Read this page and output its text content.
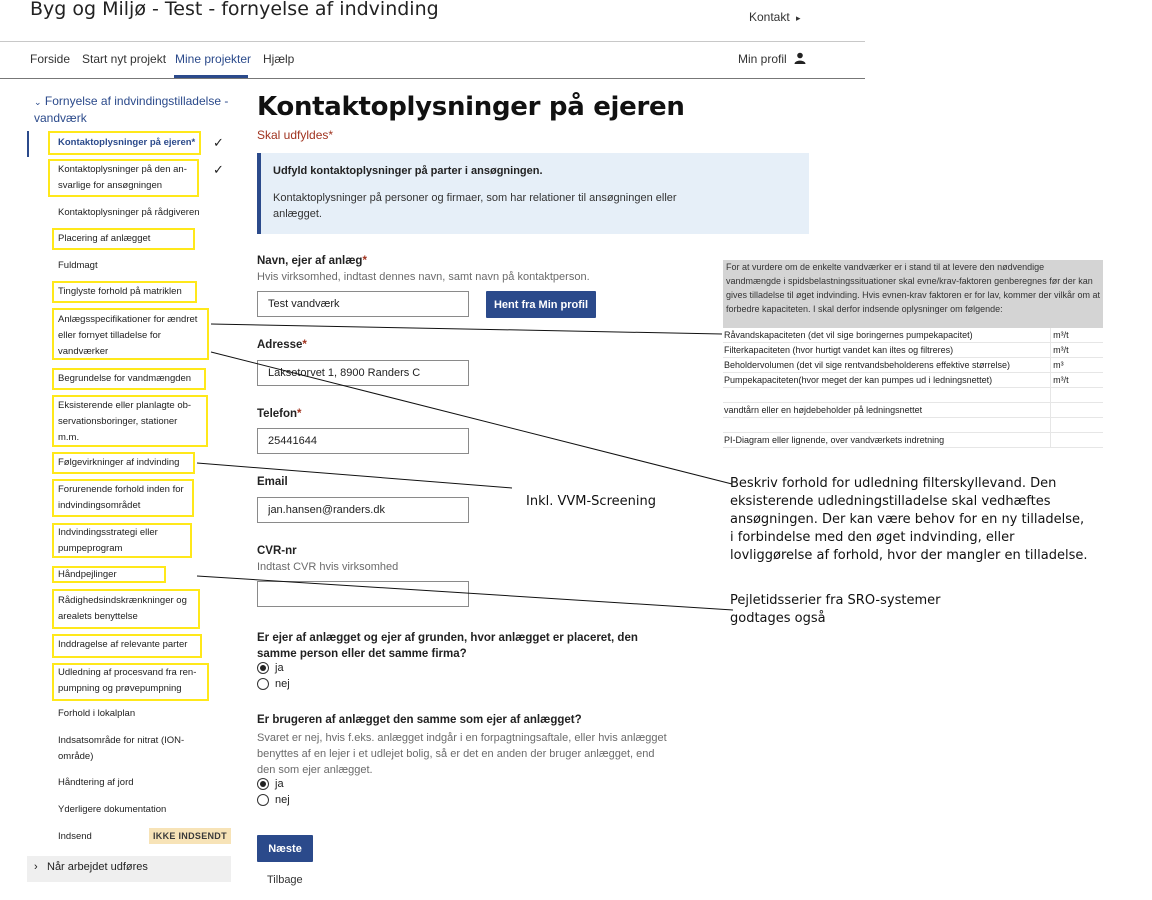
Byg og Miljø - Test - fornyelse af indvinding	Kontakt ▸
Forside Start nyt projekt Mine projekter Hjælp	Min profil
⌄ Fornyelse af indvindingstilladelse - vandværk
Kontaktoplysninger på ejeren* ✓
Kontaktoplysninger på den an-
svarlige for ansøgningen
✓
Kontaktoplysninger på rådgiveren
Placering af anlægget
Fuldmagt
Tinglyste forhold på matriklen
Anlægsspecifikationer for ændret
eller fornyet tilladelse for
vandværker
Begrundelse for vandmængden
Eksisterende eller planlagte ob-
servationsboringer, stationer
m.m.
Følgevirkninger af indvinding
Forurenende forhold inden for
indvindingsområdet
Indvindingsstrategi eller
pumpeprogram
Håndpejlinger
Rådighedsindskrænkninger og
arealets benyttelse
Inddragelse af relevante parter
Udledning af procesvand fra ren-
pumpning og prøvepumpning
Forhold i lokalplan
Indsatsområde for nitrat (ION-
område)
Håndtering af jord
Yderligere dokumentation
Indsend	IKKE INDSENDT
› Når arbejdet udføres
Kontaktoplysninger på ejeren
Skal udfyldes*
Udfyld kontaktoplysninger på parter i ansøgningen.
Kontaktoplysninger på personer og firmaer, som har relationer til ansøgningen eller anlægget.
Navn, ejer af anlæg*
Hvis virksomhed, indtast dennes navn, samt navn på kontaktperson.
Test vandværk
Hent fra Min profil
Adresse*
Laksetorvet 1, 8900 Randers C
Telefon*
25441644
Email
jan.hansen@randers.dk
CVR-nr
Indtast CVR hvis virksomhed
Er ejer af anlægget og ejer af grunden, hvor anlægget er placeret, den samme person eller det samme firma?
ja
nej
Er brugeren af anlægget den samme som ejer af anlægget?
Svaret er nej, hvis f.eks. anlægget indgår i en forpagtningsaftale, eller hvis anlægget benyttes af en lejer i et udlejet bolig, så er det en anden der bruger anlægget, end den som ejer anlægget.
ja
nej
Næste
Tilbage
For at vurdere om de enkelte vandværker er i stand til at levere den nødvendige vandmængde i spidsbelastningssituationer skal evne/krav-faktoren genberegnes før der kan gives tilladelse til øget indvinding. Hvis evnen-krav faktoren er for lav, kommer der vilkår om at forbedre kapaciteten. I skal derfor indsende oplysninger om følgende:
Råvandskapaciteten (det vil sige boringernes pumpekapacitet)	m³/t
Filterkapaciteten (hvor hurtigt vandet kan iltes og filtreres)	m³/t
Beholdervolumen (det vil sige rentvandsbeholderens effektive størrelse)	m³
Pumpekapaciteten(hvor meget der kan pumpes ud i ledningsnettet)	m³/t
vandtårn eller en højdebeholder på ledningsnettet
PI-Diagram eller lignende, over vandværkets indretning
Inkl. VVM-Screening
Beskriv forhold for udledning filterskyllevand. Den eksisterende udledningstilladelse skal vedhæftes ansøgningen. Der kan være behov for en ny tilladelse, i forbindelse med den øget indvinding, eller lovliggørelse af forhold, hvor der mangler en tilladelse.
Pejletidsserier fra SRO-systemer godtages også
